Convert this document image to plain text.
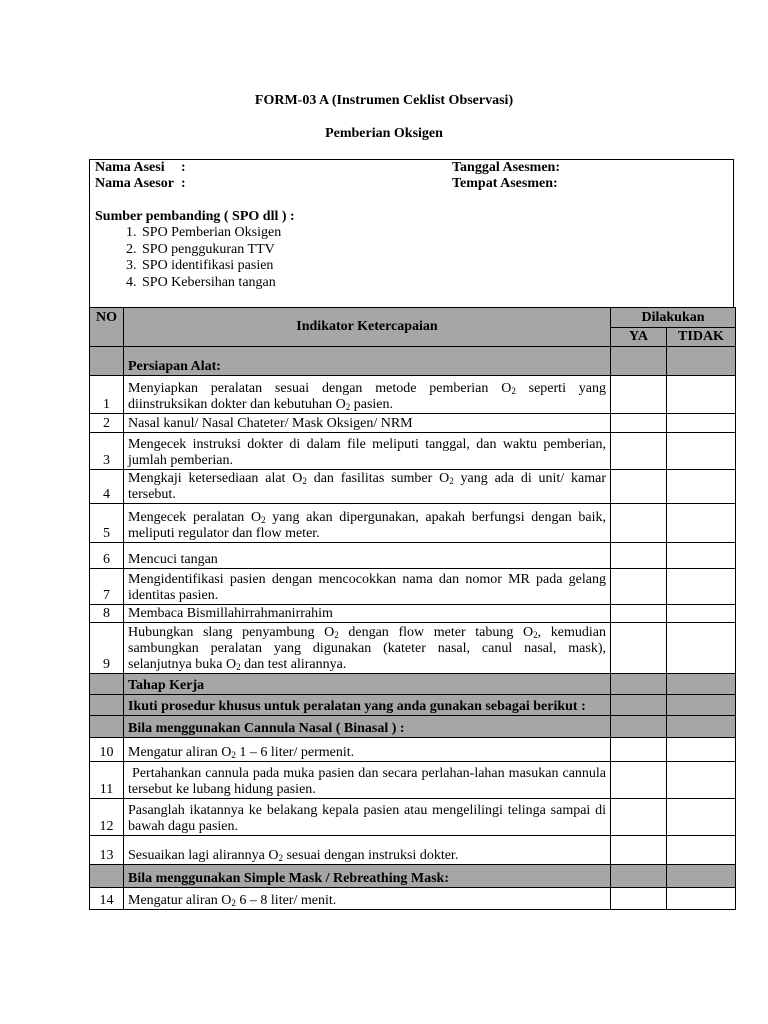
FORM-03 A (Instrumen Ceklist Observasi)
Pemberian Oksigen
Nama Asesi :
Nama Asesor :
Tanggal Asesmen:
Tempat Asesmen:
Sumber pembanding ( SPO dll ) :
1. SPO Pemberian Oksigen
2. SPO penggukuran TTV
3. SPO identifikasi pasien
4. SPO Kebersihan tangan
NO	Indikator Ketercapaian	Dilakukan	
		YA	TIDAK
	Persiapan Alat:		
1	Menyiapkan peralatan sesuai dengan metode pemberian $O_2$ seperti yang diinstruksikan dokter dan kebutuhan $O_2$ pasien.		
2	Nasal kanul/ Nasal Chateter/ Mask Oksigen/ NRM		
3	Mengecek instruksi dokter di dalam file meliputi tanggal, dan waktu pemberian, jumlah pemberian.		
4	Mengkaji ketersediaan alat $O_2$ dan fasilitas sumber $O_2$ yang ada di unit/ kamar tersebut.		
5	Mengecek peralatan $O_2$ yang akan dipergunakan, apakah berfungsi dengan baik, meliputi regulator dan flow meter.		
6	Mencuci tangan		
7	Mengidentifikasi pasien dengan mencocokkan nama dan nomor MR pada gelang identitas pasien.		
8	Membaca Bismillahirrahmanirrahim		
9	Hubungkan slang penyambung $O_2$ dengan flow meter tabung $O_2$, kemudian sambungkan peralatan yang digunakan (kateter nasal, canul nasal, mask), selanjutnya buka $O_2$ dan test alirannya.		
	Tahap Kerja		
	Ikuti prosedur khusus untuk peralatan yang anda gunakan sebagai berikut :		
	Bila menggunakan Cannula Nasal ( Binasal ) :		
10	Mengatur aliran $O_2$ 1 – 6 liter/ permenit.		
11	Pertahankan cannula pada muka pasien dan secara perlahan-lahan masukan cannula tersebut ke lubang hidung pasien.		
12	Pasanglah ikatannya ke belakang kepala pasien atau mengelilingi telinga sampai di bawah dagu pasien.		
13	Sesuaikan lagi alirannya $O_2$ sesuai dengan instruksi dokter.		
	Bila menggunakan Simple Mask / Rebreathing Mask:		
14	Mengatur aliran $O_2$ 6 – 8 liter/ menit.		
